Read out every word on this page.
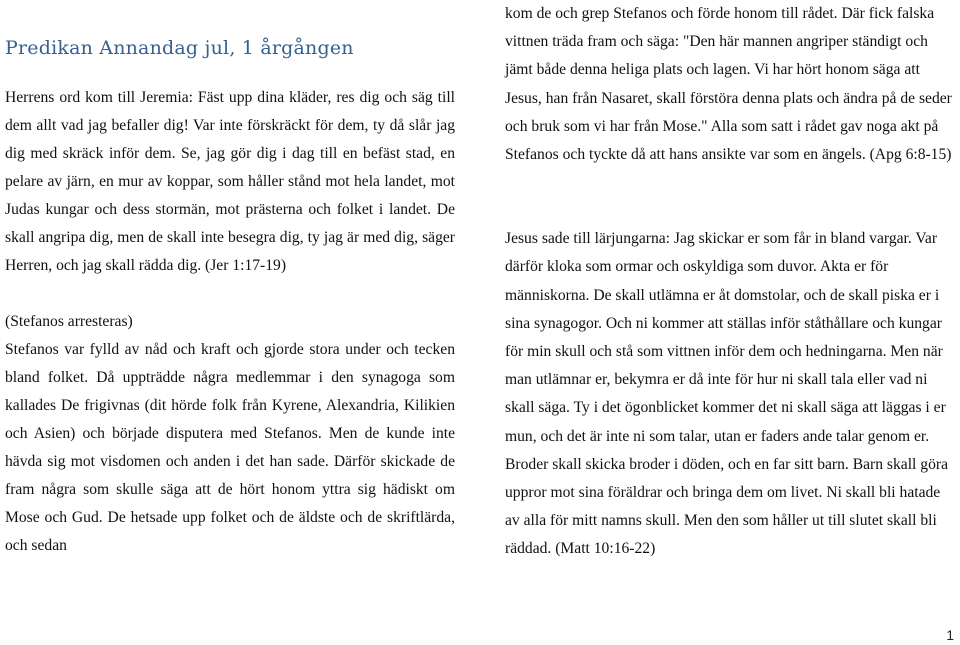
Predikan Annandag jul, 1 årgången

Herrens ord kom till Jeremia: Fäst upp dina kläder, res dig och säg till dem allt vad jag befaller dig! Var inte förskräckt för dem, ty då slår jag dig med skräck inför dem. Se, jag gör dig i dag till en befäst stad, en pelare av järn, en mur av koppar, som håller stånd mot hela landet, mot Judas kungar och dess stormän, mot prästerna och folket i landet. De skall angripa dig, men de skall inte besegra dig, ty jag är med dig, säger Herren, och jag skall rädda dig. (Jer 1:17-19)

(Stefanos arresteras)

Stefanos var fylld av nåd och kraft och gjorde stora under och tecken bland folket. Då uppträdde några medlemmar i den synagoga som kallades De frigivnas (dit hörde folk från Kyrene, Alexandria, Kilikien och Asien) och började disputera med Stefanos. Men de kunde inte hävda sig mot visdomen och anden i det han sade. Därför skickade de fram några som skulle säga att de hört honom yttra sig hädiskt om Mose och Gud. De hetsade upp folket och de äldste och de skriftlärda, och sedan

kom de och grep Stefanos och förde honom till rådet. Där fick falska vittnen träda fram och säga: "Den här mannen angriper ständigt och jämt både denna heliga plats och lagen. Vi har hört honom säga att Jesus, han från Nasaret, skall förstöra denna plats och ändra på de seder och bruk som vi har från Mose." Alla som satt i rådet gav noga akt på Stefanos och tyckte då att hans ansikte var som en ängels. (Apg 6:8-15)

Jesus sade till lärjungarna: Jag skickar er som får in bland vargar. Var därför kloka som ormar och oskyldiga som duvor. Akta er för människorna. De skall utlämna er åt domstolar, och de skall piska er i sina synagogor. Och ni kommer att ställas inför ståthållare och kungar för min skull och stå som vittnen inför dem och hedningarna. Men när man utlämnar er, bekymra er då inte för hur ni skall tala eller vad ni skall säga. Ty i det ögonblicket kommer det ni skall säga att läggas i er mun, och det är inte ni som talar, utan er faders ande talar genom er. Broder skall skicka broder i döden, och en far sitt barn. Barn skall göra uppror mot sina föräldrar och bringa dem om livet. Ni skall bli hatade av alla för mitt namns skull. Men den som håller ut till slutet skall bli räddad. (Matt 10:16-22)

1
